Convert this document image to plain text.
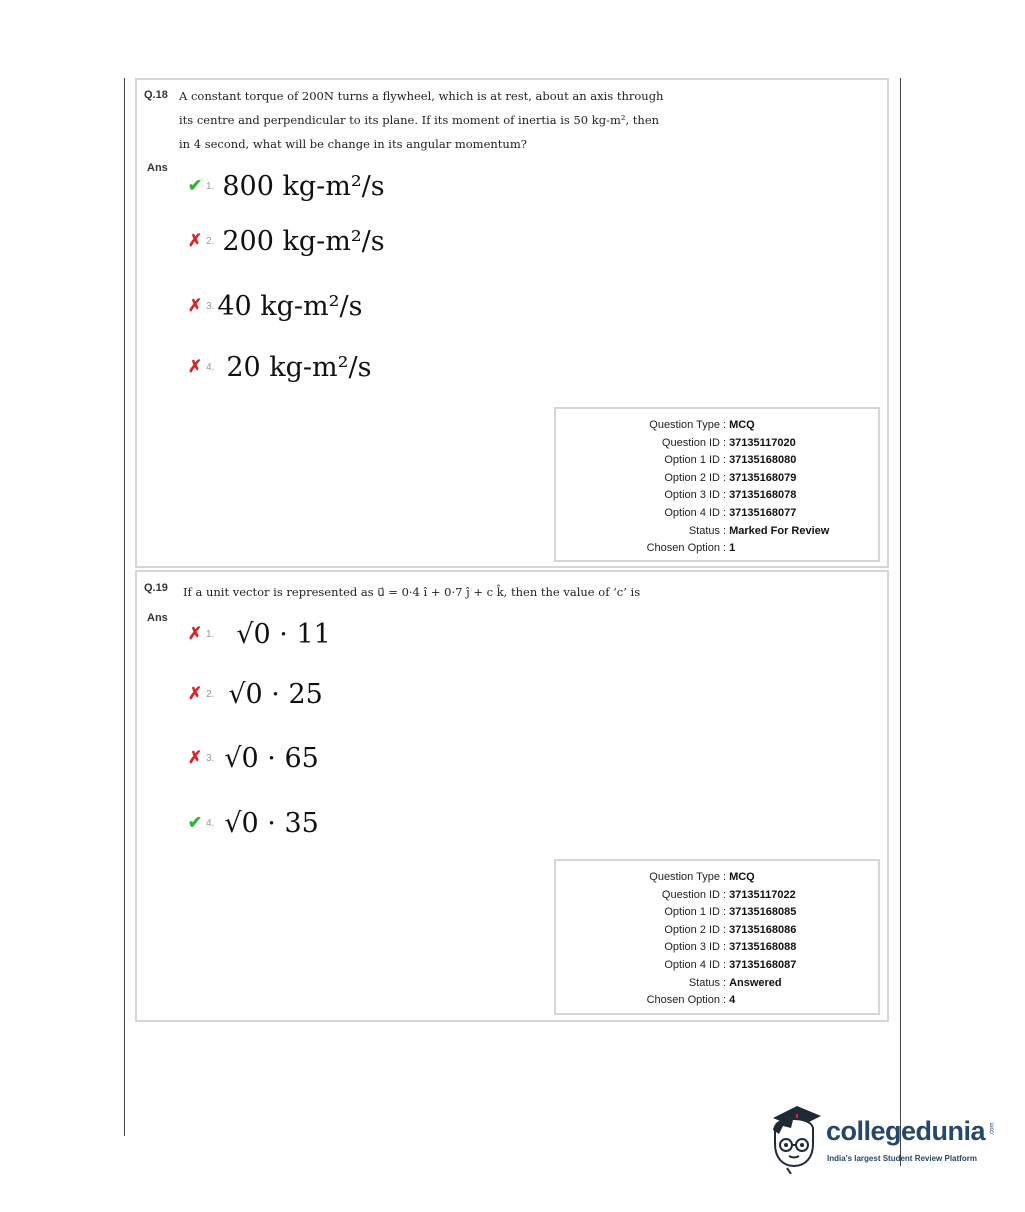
Q.18 A constant torque of 200N turns a flywheel, which is at rest, about an axis through
its centre and perpendicular to its plane. If its moment of inertia is 50 kg-m², then
in 4 second, what will be change in its angular momentum?
Ans
✔ 1. 800 kg-m²/s
✗ 2. 200 kg-m²/s
✗ 3. 40 kg-m²/s
✗ 4. 20 kg-m²/s
Question Type : MCQ
Question ID : 37135117020
Option 1 ID : 37135168080
Option 2 ID : 37135168079
Option 3 ID : 37135168078
Option 4 ID : 37135168077
Status : Marked For Review
Chosen Option : 1
Q.19 If a unit vector is represented as u⃗ = 0·4 î + 0·7 ĵ + c k̂, then the value of ‘c’ is
Ans
✗ 1. √0 · 11
✗ 2. √0 · 25
✗ 3. √0 · 65
✔ 4. √0 · 35
Question Type : MCQ
Question ID : 37135117022
Option 1 ID : 37135168085
Option 2 ID : 37135168086
Option 3 ID : 37135168088
Option 4 ID : 37135168087
Status : Answered
Chosen Option : 4
collegedunia .com
India's largest Student Review Platform
